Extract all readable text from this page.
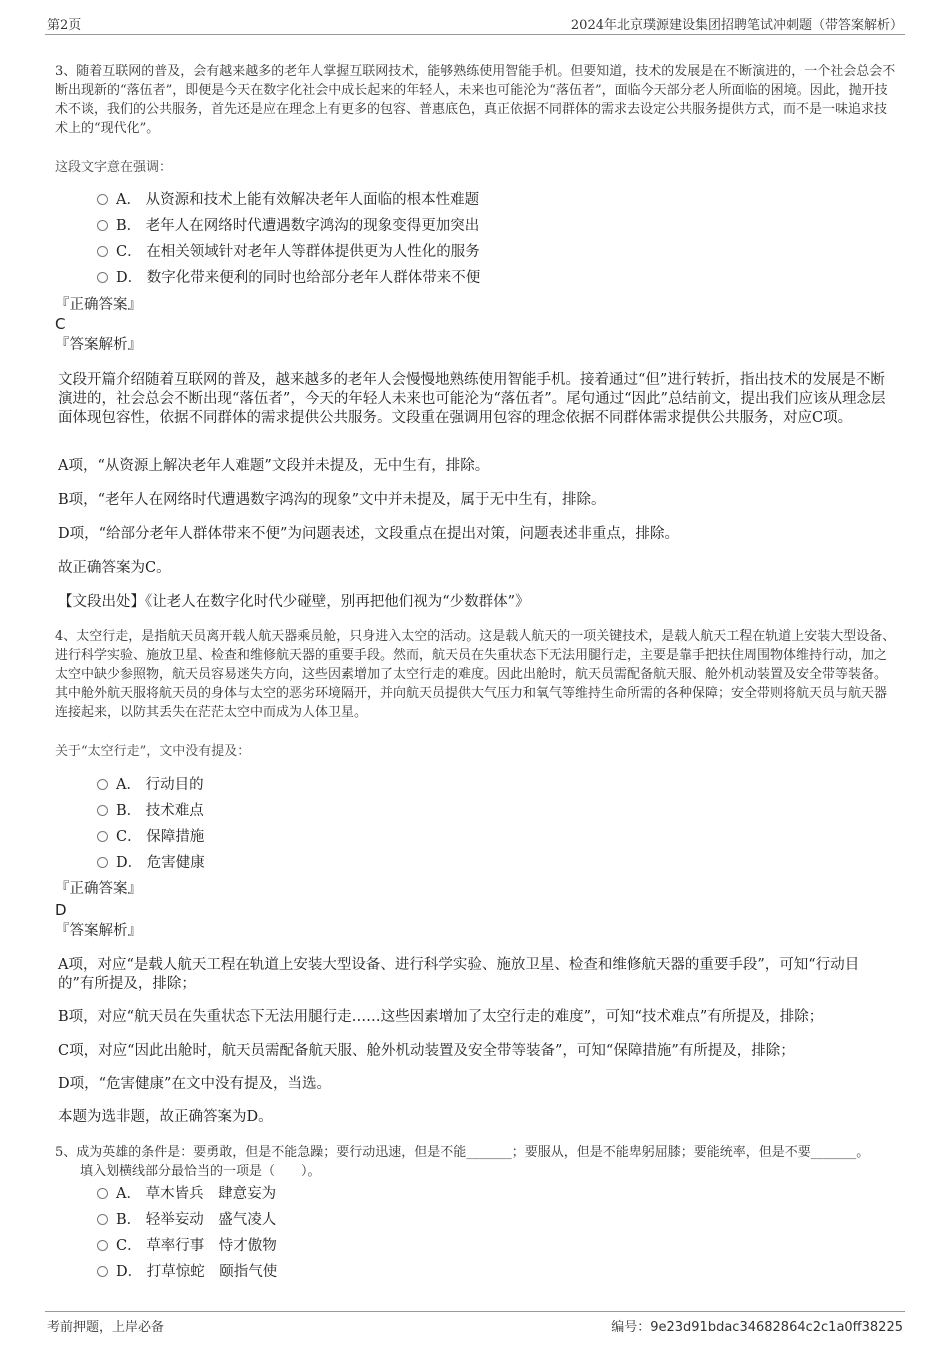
第2页	2024年北京璞源建设集团招聘笔试冲刺题（带答案解析）
3、随着互联网的普及，会有越来越多的老年人掌握互联网技术，能够熟练使用智能手机。但要知道，技术的发展是在不断演进的，一个社会总会不断出现新的“落伍者”，即便是今天在数字化社会中成长起来的年轻人，未来也可能沦为“落伍者”，面临今天部分老人所面临的困境。因此，抛开技术不谈，我们的公共服务，首先还是应在理念上有更多的包容、普惠底色，真正依据不同群体的需求去设定公共服务提供方式，而不是一味追求技术上的“现代化”。
这段文字意在强调：
A． 从资源和技术上能有效解决老年人面临的根本性难题
B． 老年人在网络时代遭遇数字鸿沟的现象变得更加突出
C． 在相关领域针对老年人等群体提供更为人性化的服务
D． 数字化带来便利的同时也给部分老年人群体带来不便
『正确答案』
C
『答案解析』
文段开篇介绍随着互联网的普及，越来越多的老年人会慢慢地熟练使用智能手机。接着通过“但”进行转折，指出技术的发展是不断演进的，社会总会不断出现“落伍者”，今天的年轻人未来也可能沦为“落伍者”。尾句通过“因此”总结前文，提出我们应该从理念层面体现包容性，依据不同群体的需求提供公共服务。文段重在强调用包容的理念依据不同群体需求提供公共服务，对应C项。
A项，“从资源上解决老年人难题”文段并未提及，无中生有，排除。
B项，“老年人在网络时代遭遇数字鸿沟的现象”文中并未提及，属于无中生有，排除。
D项，“给部分老年人群体带来不便”为问题表述，文段重点在提出对策，问题表述非重点，排除。
故正确答案为C。
【文段出处】《让老人在数字化时代少碰壁，别再把他们视为“少数群体”》
4、太空行走，是指航天员离开载人航天器乘员舱，只身进入太空的活动。这是载人航天的一项关键技术，是载人航天工程在轨道上安装大型设备、进行科学实验、施放卫星、检查和维修航天器的重要手段。然而，航天员在失重状态下无法用腿行走，主要是靠手把扶住周围物体维持行动，加之太空中缺少参照物，航天员容易迷失方向，这些因素增加了太空行走的难度。因此出舱时，航天员需配备航天服、舱外机动装置及安全带等装备。其中舱外航天服将航天员的身体与太空的恶劣环境隔开，并向航天员提供大气压力和氧气等维持生命所需的各种保障；安全带则将航天员与航天器连接起来，以防其丢失在茫茫太空中而成为人体卫星。
关于“太空行走”，文中没有提及：
A． 行动目的
B． 技术难点
C． 保障措施
D． 危害健康
『正确答案』
D
『答案解析』
A项，对应“是载人航天工程在轨道上安装大型设备、进行科学实验、施放卫星、检查和维修航天器的重要手段”，可知“行动目的”有所提及，排除；
B项，对应“航天员在失重状态下无法用腿行走……这些因素增加了太空行走的难度”，可知“技术难点”有所提及，排除；
C项，对应“因此出舱时，航天员需配备航天服、舱外机动装置及安全带等装备”，可知“保障措施”有所提及，排除；
D项，“危害健康”在文中没有提及，当选。
本题为选非题，故正确答案为D。
5、成为英雄的条件是：要勇敢，但是不能急躁；要行动迅速，但是不能_______；要服从，但是不能卑躬屈膝；要能统率，但是不要_______。
填入划横线部分最恰当的一项是（　　）。
A． 草木皆兵　肆意妄为
B． 轻举妄动　盛气凌人
C． 草率行事　恃才傲物
D． 打草惊蛇　颐指气使
考前押题，上岸必备	编号：9e23d91bdac34682864c2c1a0ff38225
